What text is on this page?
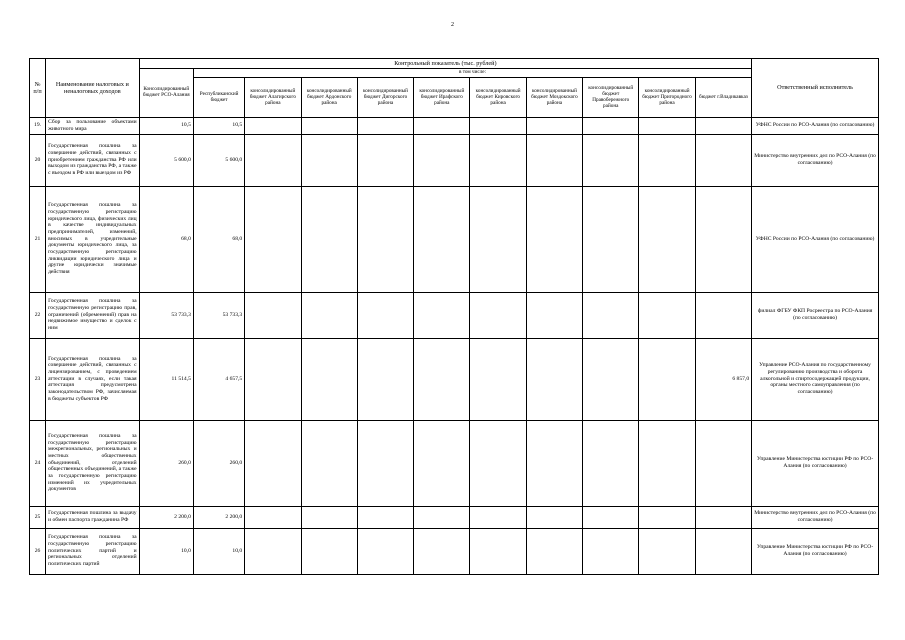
2
№ п/п	Наименование налоговых и неналоговых доходов	Контрольный показатель (тыс. рублей)											Ответственный исполнитель
		Консолидированный бюджет РСО-Алания	в том числе:										
			Республиканский бюджет	консолидированный бюджет Алагирского района	консолидированный бюджет Ардонского района	консолидированный бюджет Дигорского района	консолидированный бюджет Ирафского района	консолидированный бюджет Кировского района	консолидированный бюджет Моздокского района	консолидированный бюджет Правобережного района	консолидированный бюджет Пригородного района	бюджет г.Владикавказ	
19.	Сбор за пользование объектами животного мира	10,5	10,5										УФНС России по РСО-Алания (по согласованию)
20	Государственная пошлина за совершение действий, связанных с приобретением гражданства РФ или выходом из гражданства РФ, а также с въездом в РФ или выездом из РФ	5 600,0	5 600,0										Министерство внутренних дел по РСО-Алания (по согласованию)
21	Государственная пошлина за государственную регистрацию юридического лица, физических лиц в качестве индивидуальных предпринимателей, изменений, вносимых в учредительные документы юридического лица, за государственную регистрацию ликвидации юридического лица и другие юридически значимые действия	68,0	68,0										УФНС России по РСО-Алания (по согласованию)
22	Государственная пошлина за государственную регистрацию прав, ограничений (обременений) прав на недвижимое имущество и сделок с ним	53 733,3	53 733,3										филиал ФГБУ ФКП Росреестра по РСО-Алания (по согласованию)
23	Государственная пошлина за совершение действий, связанных с лицензированием, с проведением аттестации в случаях, если такая аттестация предусмотрена законодательством РФ, зачисляемая в бюджеты субъектов РФ	11 514,5	4 657,5									6 857,0	Управление РСО-Алания по государственному регулированию производства и оборота алкогольной и спиртосодержащей продукции, органы местного самоуправления (по согласованию)
24	Государственная пошлина за государственную регистрацию межрегиональных, региональных и местных общественных объединений, отделений общественных объединений, а также за государственную регистрацию изменений их учредительных документов	260,0	260,0										Управление Министерства юстиции РФ по РСО-Алания (по согласованию)
25	Государственная пошлина за выдачу и обмен паспорта гражданина РФ	2 200,0	2 200,0										Министерство внутренних дел по РСО-Алания (по согласованию)
26	Государственная пошлина за государственную регистрацию политических партий и региональных отделений политических партий	10,0	10,0										Управление Министерства юстиции РФ по РСО-Алания (по согласованию)
